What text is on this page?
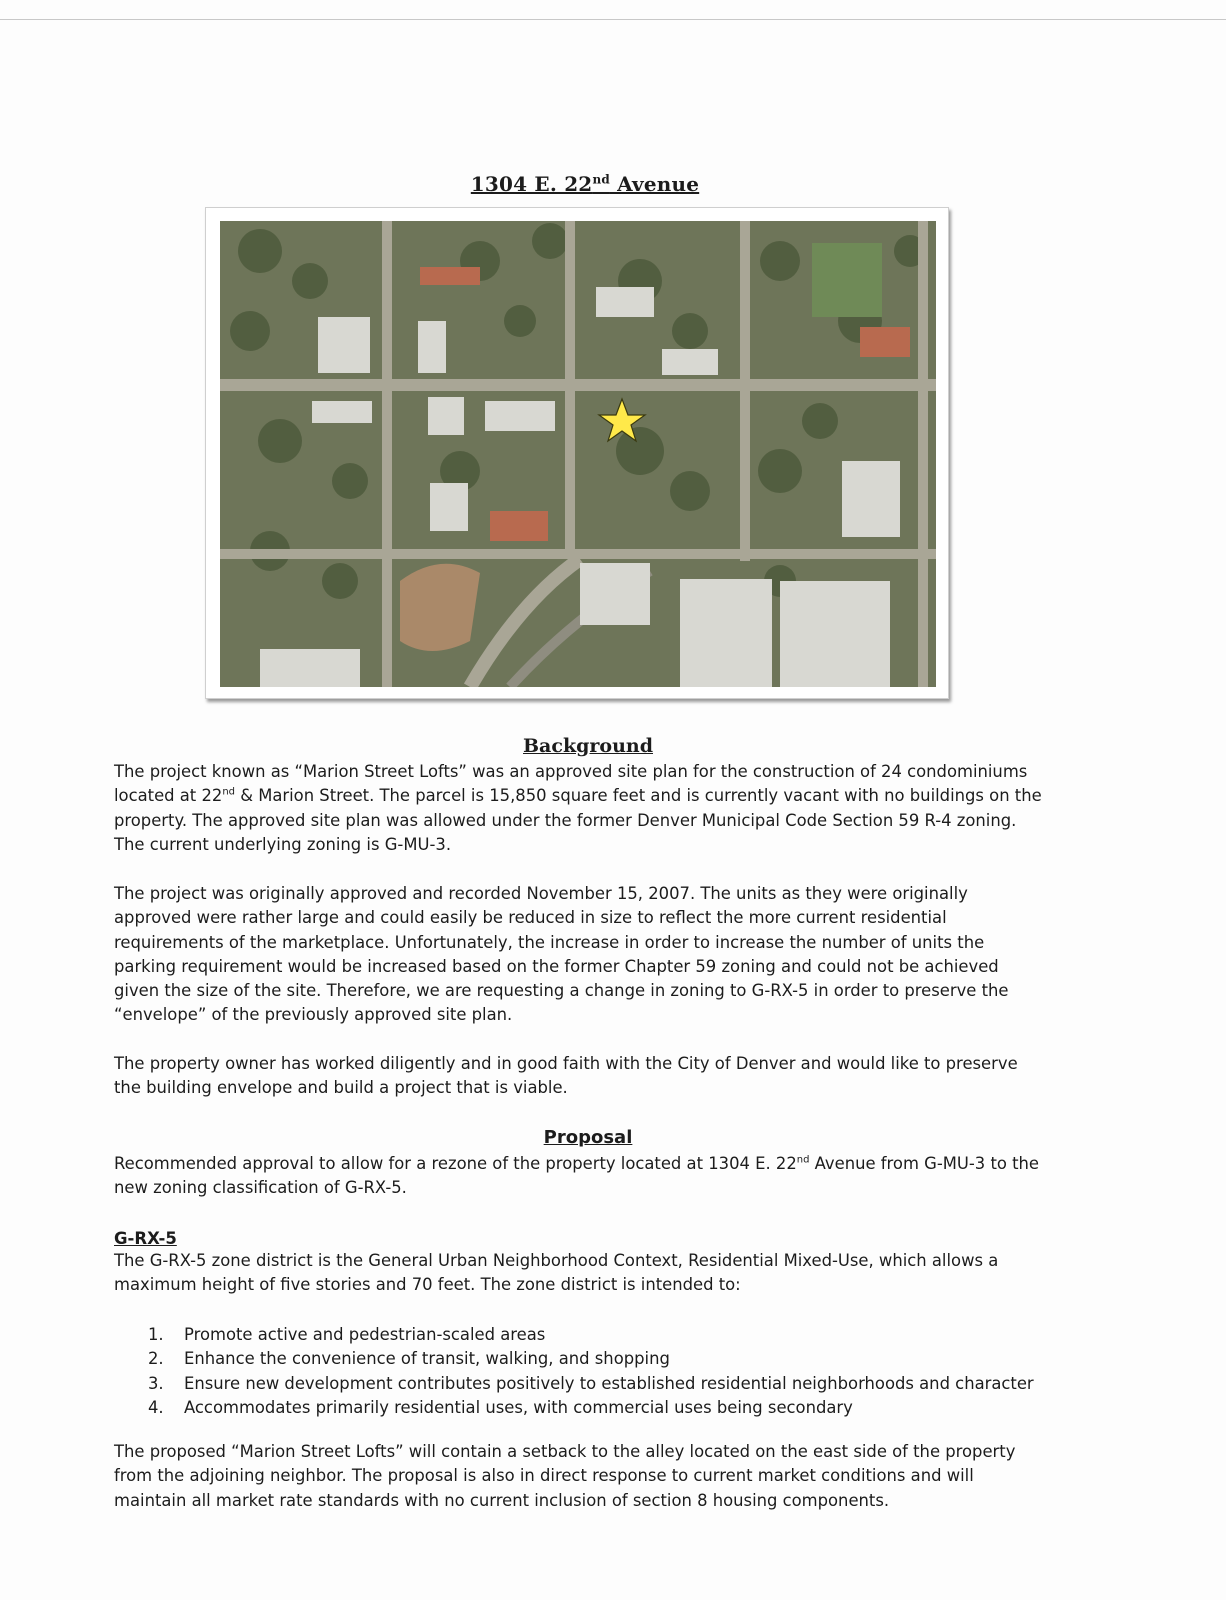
1304 E. 22nd Avenue
Background

The project known as “Marion Street Lofts” was an approved site plan for the construction of 24 condominiums located at 22nd & Marion Street. The parcel is 15,850 square feet and is currently vacant with no buildings on the property. The approved site plan was allowed under the former Denver Municipal Code Section 59 R-4 zoning. The current underlying zoning is G-MU-3.

The project was originally approved and recorded November 15, 2007. The units as they were originally approved were rather large and could easily be reduced in size to reflect the more current residential requirements of the marketplace. Unfortunately, the increase in order to increase the number of units the parking requirement would be increased based on the former Chapter 59 zoning and could not be achieved given the size of the site. Therefore, we are requesting a change in zoning to G-RX-5 in order to preserve the “envelope” of the previously approved site plan.

The property owner has worked diligently and in good faith with the City of Denver and would like to preserve the building envelope and build a project that is viable.

Proposal

Recommended approval to allow for a rezone of the property located at 1304 E. 22nd Avenue from G-MU-3 to the new zoning classification of G-RX-5.

G-RX-5

The G-RX-5 zone district is the General Urban Neighborhood Context, Residential Mixed-Use, which allows a maximum height of five stories and 70 feet. The zone district is intended to:

1.	Promote active and pedestrian-scaled areas
2.	Enhance the convenience of transit, walking, and shopping
3.	Ensure new development contributes positively to established residential neighborhoods and character
4.	Accommodates primarily residential uses, with commercial uses being secondary

The proposed “Marion Street Lofts” will contain a setback to the alley located on the east side of the property from the adjoining neighbor. The proposal is also in direct response to current market conditions and will maintain all market rate standards with no current inclusion of section 8 housing components.
